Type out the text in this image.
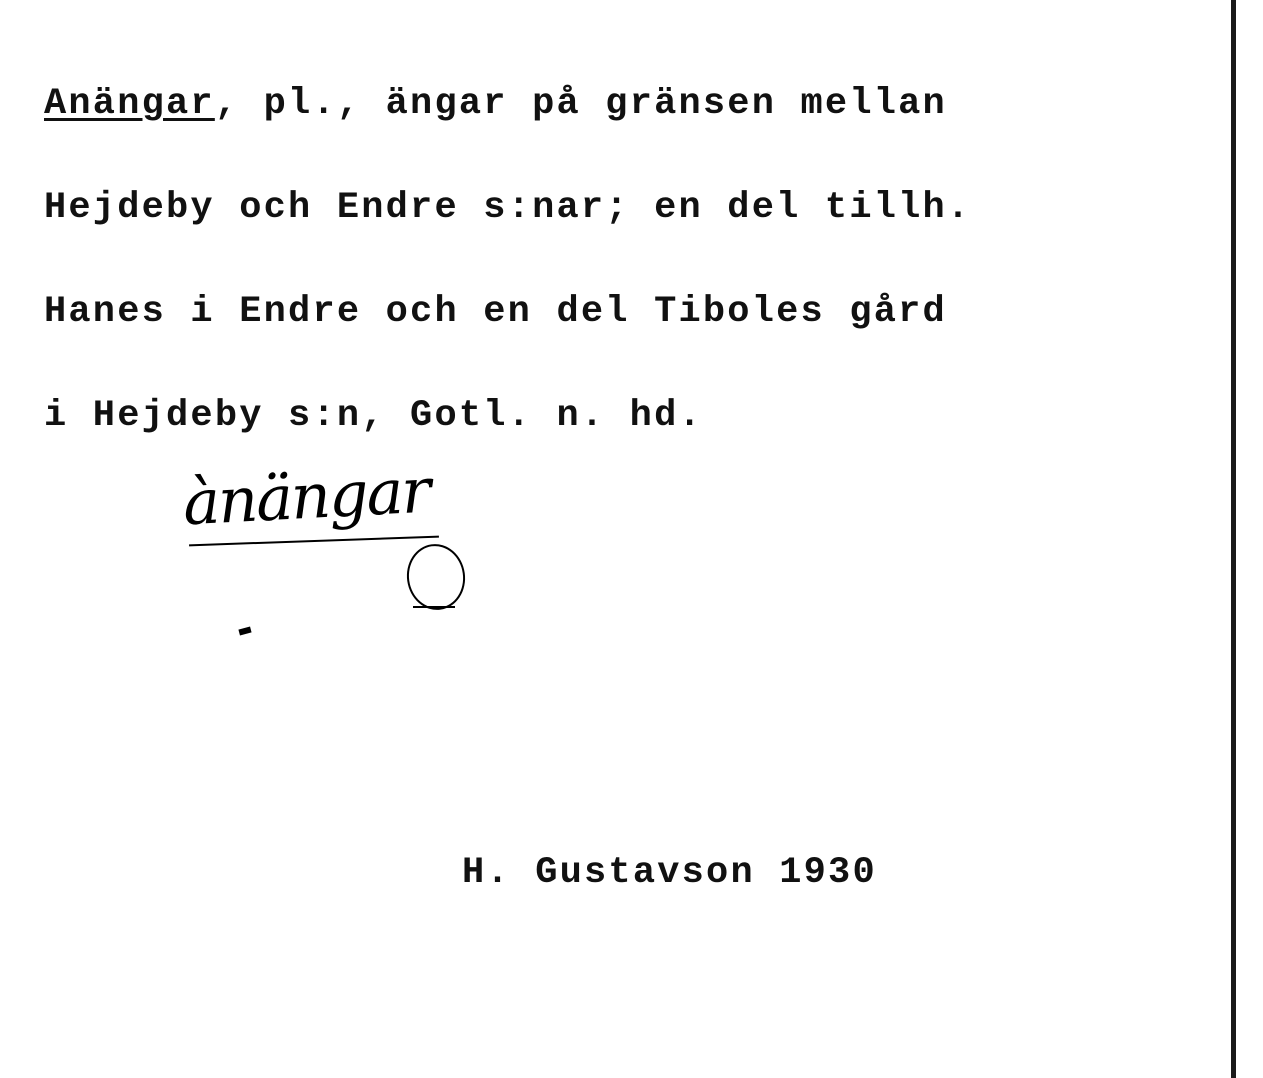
Anängar, pl., ängar på gränsen mellan
Hejdeby och Endre s:nar; en del tillh.
Hanes i Endre och en del Tiboles gård
i Hejdeby s:n, Gotl. n. hd.
ànängar
H. Gustavson 1930
